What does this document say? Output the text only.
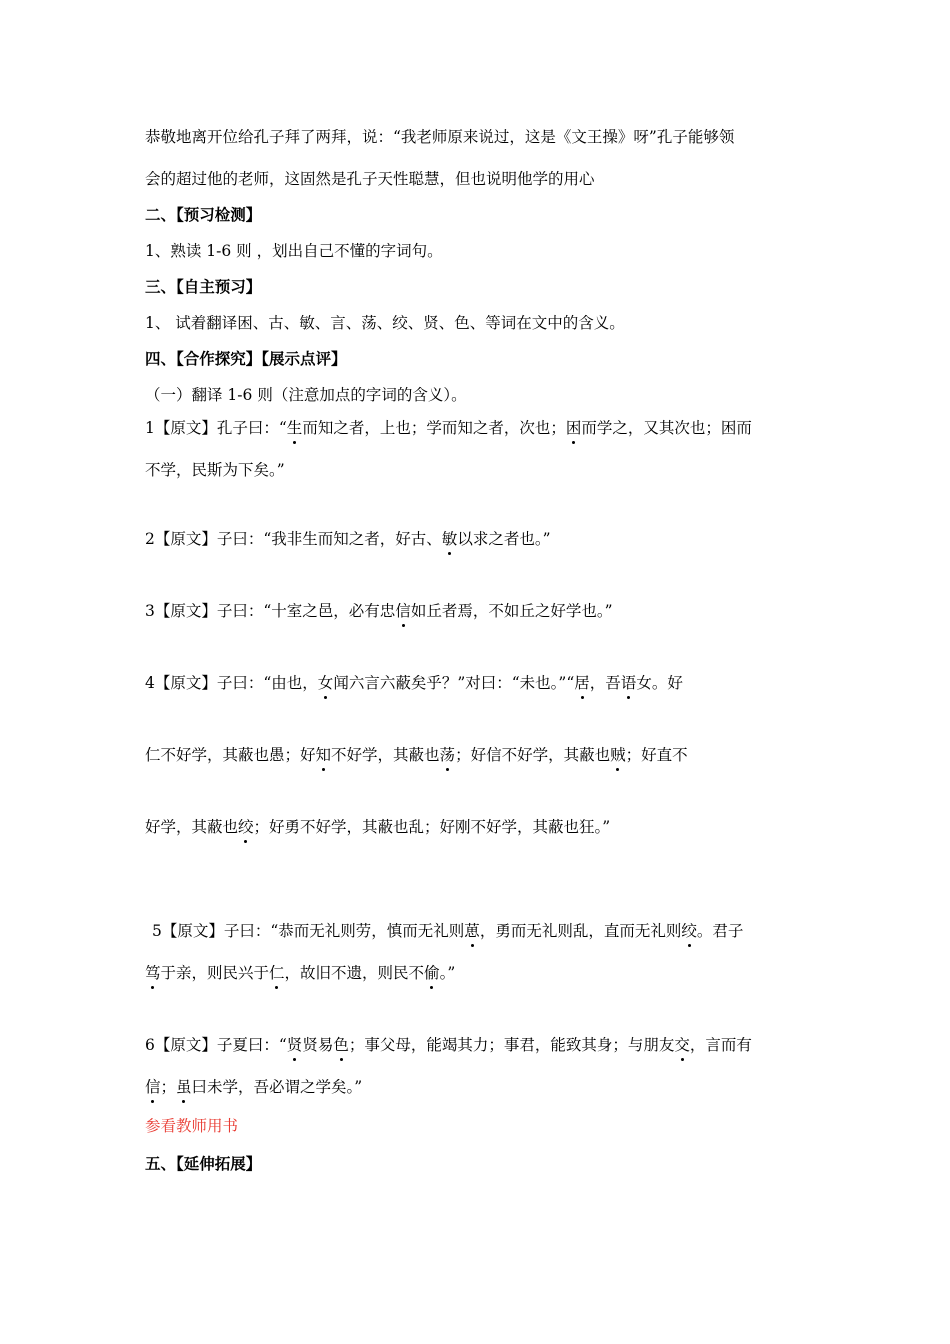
恭敬地离开位给孔子拜了两拜，说：“我老师原来说过，这是《文王操》呀”孔子能够领
会的超过他的老师，这固然是孔子天性聪慧，但也说明他学的用心
二、【预习检测】
1、熟读 1-6 则 ，划出自己不懂的字词句。
三、【自主预习】
1、 试着翻译困、古、敏、言、荡、绞、贤、色、等词在文中的含义。
四、【合作探究】【展示点评】
（一）翻译 1-6 则（注意加点的字词的含义）。
1【原文】孔子曰：“生而知之者，上也；学而知之者，次也；困而学之，又其次也；困而
不学，民斯为下矣。”
2【原文】子曰：“我非生而知之者，好古、敏以求之者也。”
3【原文】子曰：“十室之邑，必有忠信如丘者焉，不如丘之好学也。”
4【原文】子曰：“由也，女闻六言六蔽矣乎？”对曰：“未也。”“居，吾语女。好
仁不好学，其蔽也愚；好知不好学，其蔽也荡；好信不好学，其蔽也贼；好直不
好学，其蔽也绞；好勇不好学，其蔽也乱；好刚不好学，其蔽也狂。”
5【原文】子曰：“恭而无礼则劳，慎而无礼则葸，勇而无礼则乱，直而无礼则绞。君子
笃于亲，则民兴于仁，故旧不遗，则民不偷。”
6【原文】子夏曰：“贤贤易色；事父母，能竭其力；事君，能致其身；与朋友交，言而有
信；虽曰未学，吾必谓之学矣。”
参看教师用书
五、【延伸拓展】
